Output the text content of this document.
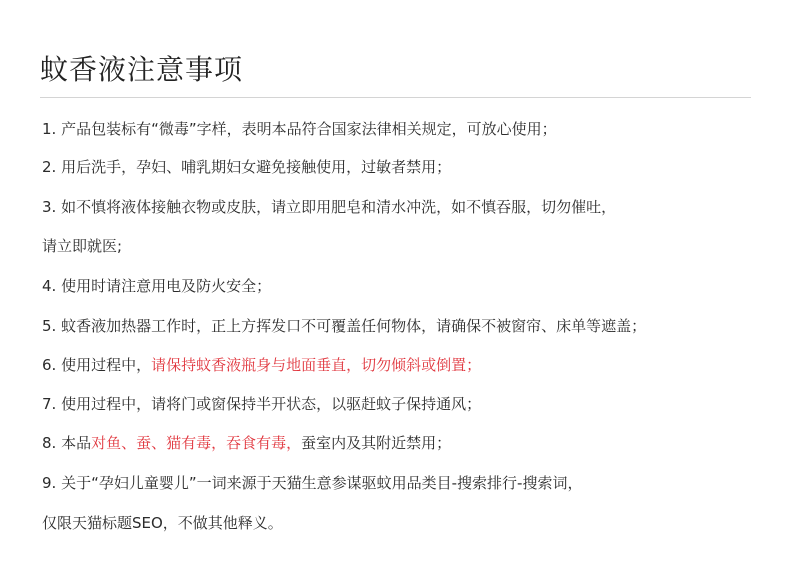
蚊香液注意事项
1. 产品包装标有“微毒”字样，表明本品符合国家法律相关规定，可放心使用；
2. 用后洗手，孕妇、哺乳期妇女避免接触使用，过敏者禁用；
3. 如不慎将液体接触衣物或皮肤，请立即用肥皂和清水冲洗，如不慎吞服，切勿催吐，
请立即就医;
4. 使用时请注意用电及防火安全；
5. 蚊香液加热器工作时，正上方挥发口不可覆盖任何物体，请确保不被窗帘、床单等遮盖；
6. 使用过程中，请保持蚊香液瓶身与地面垂直，切勿倾斜或倒置；
7. 使用过程中，请将门或窗保持半开状态，以驱赶蚊子保持通风；
8. 本品对鱼、蚕、猫有毒，吞食有毒，蚕室内及其附近禁用；
9. 关于“孕妇儿童婴儿”一词来源于天猫生意参谋驱蚊用品类目-搜索排行-搜索词，
仅限天猫标题SEO，不做其他释义。
